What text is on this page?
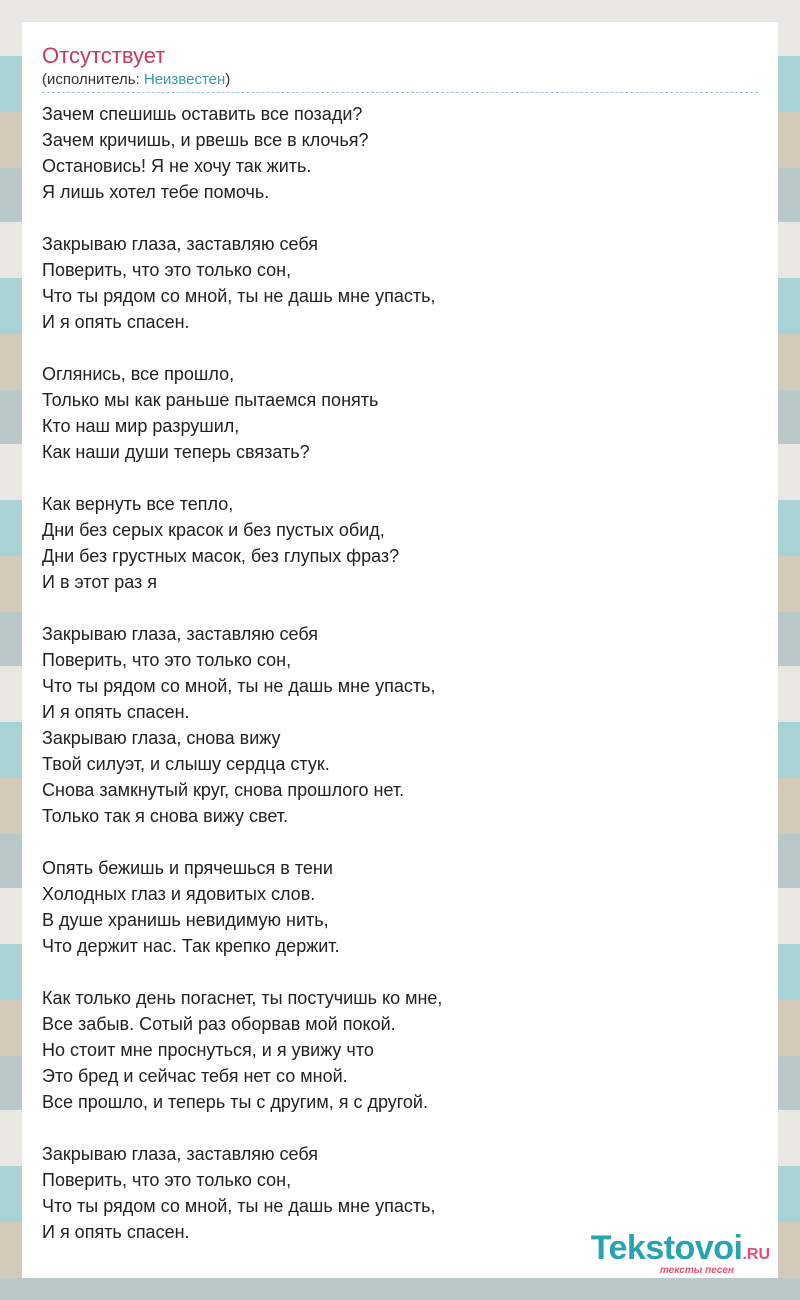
Отсутствует
(исполнитель: Неизвестен)
Зачем спешишь оставить все позади?
Зачем кричишь, и рвешь все в клочья?
Остановись! Я не хочу так жить.
Я лишь хотел тебе помочь.
Закрываю глаза, заставляю себя
Поверить, что это только сон,
Что ты рядом со мной, ты не дашь мне упасть,
И я опять спасен.
Оглянись, все прошло,
Только мы как раньше пытаемся понять
Кто наш мир разрушил,
Как наши души теперь связать?
Как вернуть все тепло,
Дни без серых красок и без пустых обид,
Дни без грустных масок, без глупых фраз?
И в этот раз я
Закрываю глаза, заставляю себя
Поверить, что это только сон,
Что ты рядом со мной, ты не дашь мне упасть,
И я опять спасен.
Закрываю глаза, снова вижу
Твой силуэт, и слышу сердца стук.
Снова замкнутый круг, снова прошлого нет.
Только так я снова вижу свет.
Опять бежишь и прячешься в тени
Холодных глаз и ядовитых слов.
В душе хранишь невидимую нить,
Что держит нас. Так крепко держит.
Как только день погаснет, ты постучишь ко мне,
Все забыв. Сотый раз оборвав мой покой.
Но стоит мне проснуться, и я увижу что
Это бред и сейчас тебя нет со мной.
Все прошло, и теперь ты с другим, я с другой.
Закрываю глаза, заставляю себя
Поверить, что это только сон,
Что ты рядом со мной, ты не дашь мне упасть,
И я опять спасен.	Tekstovoi.RU
тексты песен
